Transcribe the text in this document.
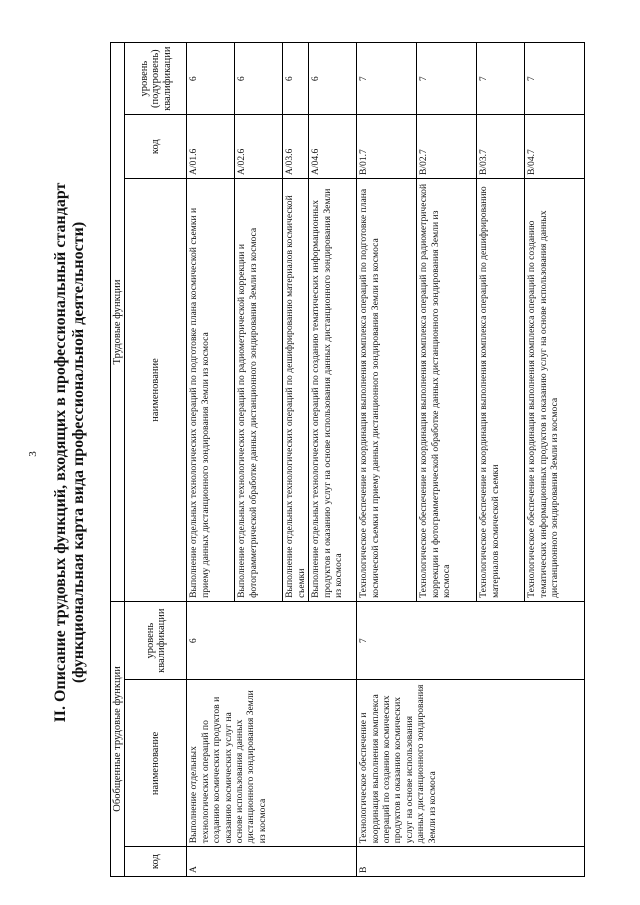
3 II. Описание трудовых функций, входящих в профессиональный стандарт (функциональная карта вида профессиональной деятельности)
Обобщенные трудовые функции			Трудовые функции		
код	наименование	уровень квалификации	наименование	код	уровень (подуровень) квалификации
А	Выполнение отдельных технологических операций по созданию космических продуктов и оказанию космических услуг на основе использования данных дистанционного зондирования Земли из космоса	6	Выполнение отдельных технологических операций по подготовке плана космической съемки и приему данных дистанционного зондирования Земли из космоса	А/01.6	6
			Выполнение отдельных технологических операций по радиометрической коррекции и фотограмметрической обработке данных дистанционного зондирования Земли из космоса	А/02.6	6
			Выполнение отдельных технологических операций по дешифрированию материалов космической съемки	А/03.6	6
			Выполнение отдельных технологических операций по созданию тематических информационных продуктов и оказанию услуг на основе использования данных дистанционного зондирования Земли из космоса	А/04.6	6
В	Технологическое обеспечение и координация выполнения комплекса операций по созданию космических продуктов и оказанию космических услуг на основе использования данных дистанционного зондирования Земли из космоса	7	Технологическое обеспечение и координация выполнения комплекса операций по подготовке плана космической съемки и приему данных дистанционного зондирования Земли из космоса	В/01.7	7
			Технологическое обеспечение и координация выполнения комплекса операций по радиометрической коррекции и фотограмметрической обработке данных дистанционного зондирования Земли из космоса	В/02.7	7
			Технологическое обеспечение и координация выполнения комплекса операций по дешифрированию материалов космической съемки	В/03.7	7
			Технологическое обеспечение и координация выполнения комплекса операций по созданию тематических информационных продуктов и оказанию услуг на основе использования данных дистанционного зондирования Земли из космоса	В/04.7	7
